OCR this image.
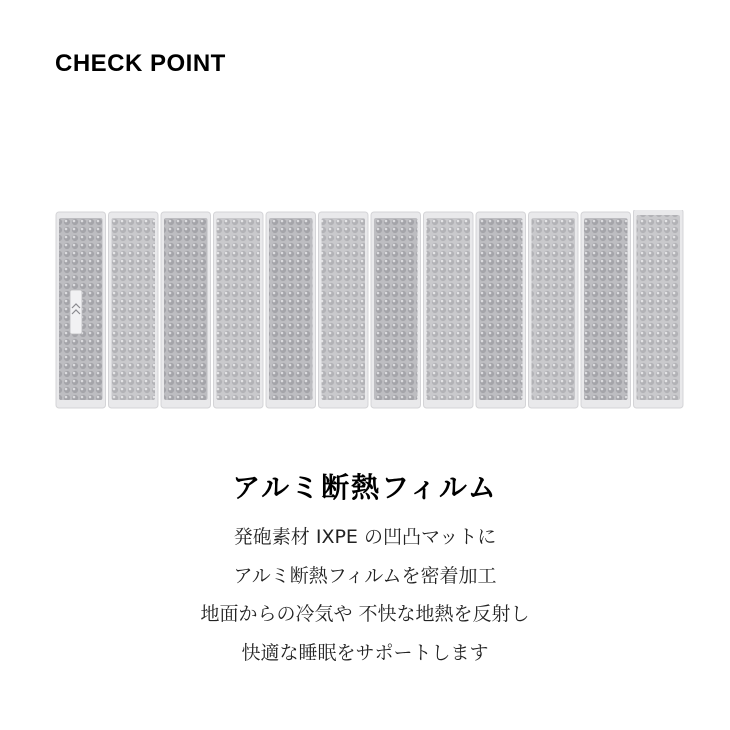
CHECK POINT
アルミ断熱フィルム
発砲素材 IXPE の凹凸マットに
アルミ断熱フィルムを密着加工
地面からの冷気や 不快な地熱を反射し
快適な睡眠をサポートします
